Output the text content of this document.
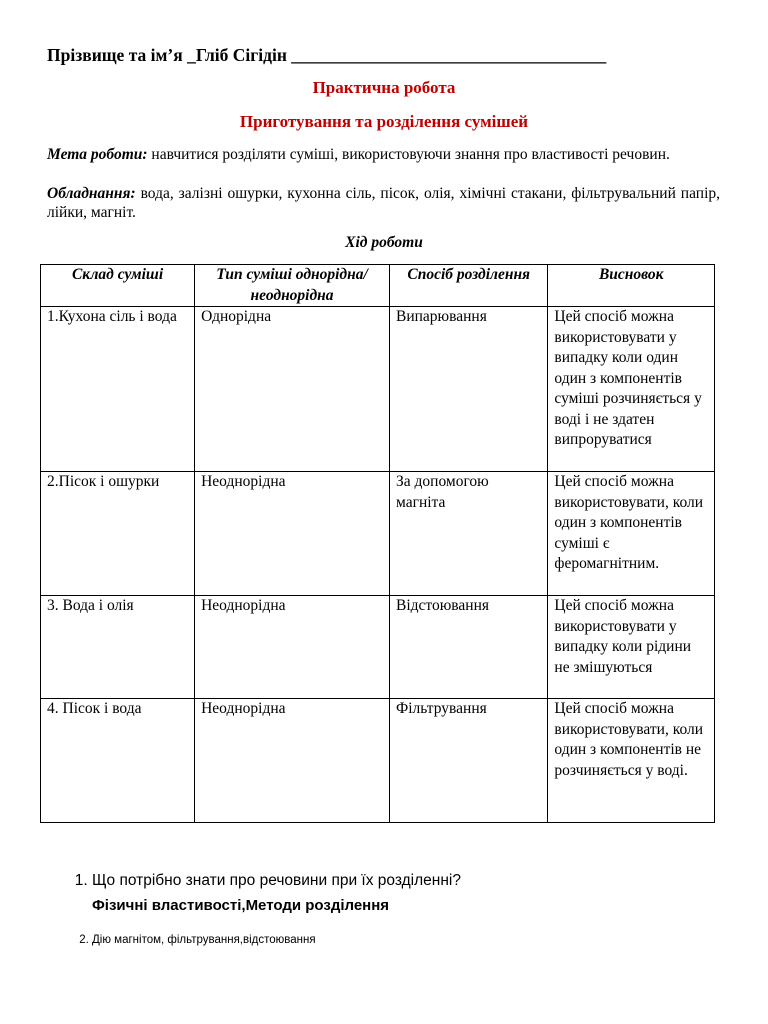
Прізвище та ім’я _Гліб Сігідін ____________________________________
Практична робота
Приготування та розділення сумішей
Мета роботи: навчитися розділяти суміші, використовуючи знання про властивості речовин.
Обладнання: вода, залізні ошурки, кухонна сіль, пісок, олія, хімічні стакани, фільтрувальний папір, лійки, магніт.
Хід роботи
Склад суміші	Тип суміші однорідна/неоднорідна	Спосіб розділення	Висновок
1.Кухона сіль і вода	Однорідна	Випарювання	Цей спосіб можна використовувати у випадку коли один один з компонентів суміші розчиняється у воді і не здатен випроруватися
2.Пісок і ошурки	Неоднорідна	За допомогою магніта	Цей спосіб можна використовувати, коли один з компонентів суміші є феромагнітним.
3. Вода і олія	Неоднорідна	Відстоювання	Цей спосіб можна використовувати у випадку коли рідини не змішуються
4. Пісок і вода	Неоднорідна	Фільтрування	Цей спосіб можна використовувати, коли один з компонентів не розчиняється у воді.
1. Що потрібно знати про речовини при їх розділенні?
Фізичні властивості,Методи розділення
2. Дію магнітом, фільтрування,відстоювання
